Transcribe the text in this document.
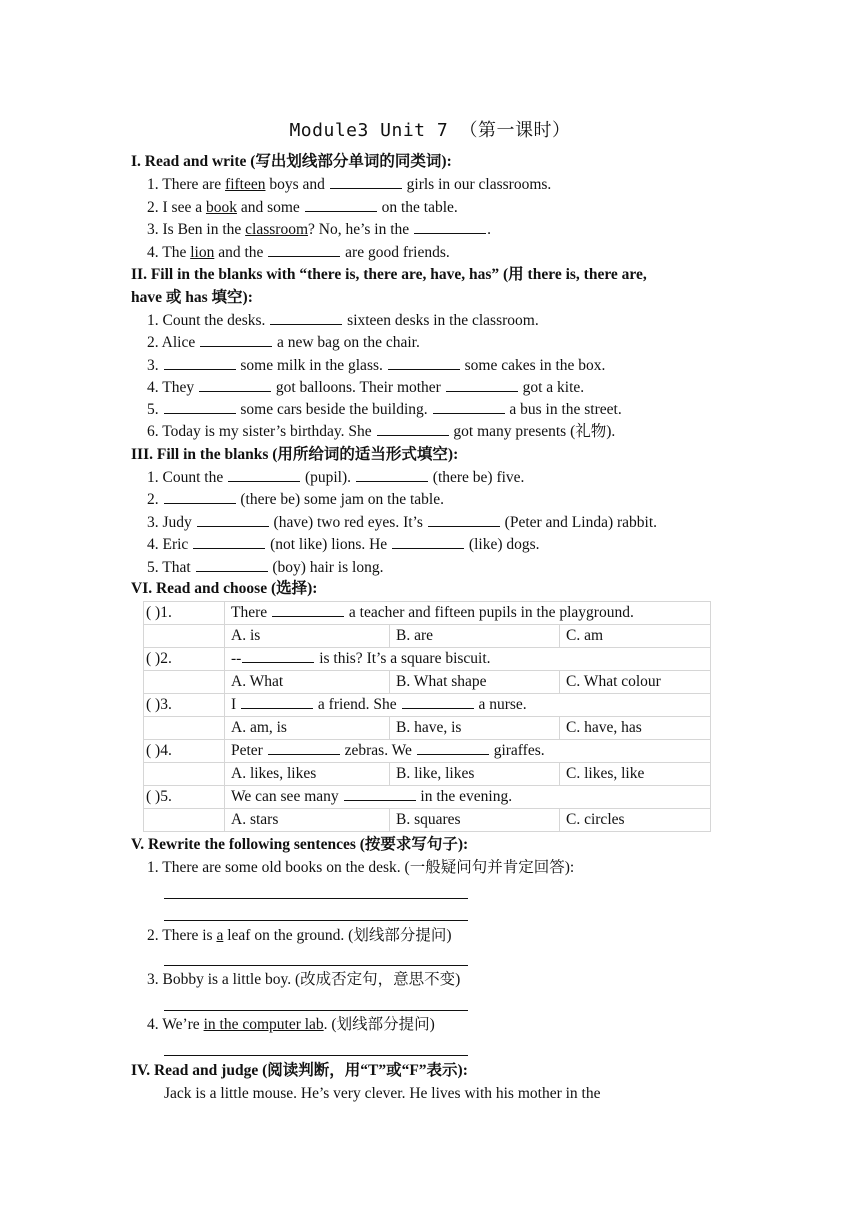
Module3 Unit 7 （第一课时）
I. Read and write (写出划线部分单词的同类词):
1. There are fifteen boys and	girls in our classrooms.
2. I see a book and some	on the table.
3. Is Ben in the classroom? No, he’s in the	.
4. The lion and the	are good friends.
II. Fill in the blanks with “there is, there are, have, has” (用 there is, there are,
have 或 has 填空):
1. Count the desks.	sixteen desks in the classroom.
2. Alice	a new bag on the chair.
3.	some milk in the glass.	some cakes in the box.
4. They	got balloons. Their mother	got a kite.
5.	some cars beside the building.	a bus in the street.
6. Today is my sister’s birthday. She	got many presents (礼物).
III. Fill in the blanks (用所给词的适当形式填空):
1. Count the	(pupil).	(there be) five.
2.	(there be) some jam on the table.
3. Judy	(have) two red eyes. It’s	(Peter and Linda) rabbit.
4. Eric	(not like) lions. He	(like) dogs.
5. That	(boy) hair is long.
VI. Read and choose (选择):
( )1.	There a teacher and fifteen pupils in the playground.		
	A. is	B. are	C. am
( )2.	-- is this? It’s a square biscuit.		
	A. What	B. What shape	C. What colour
( )3.	I a friend. She a nurse.		
	A. am, is	B. have, is	C. have, has
( )4.	Peter zebras. We giraffes.		
	A. likes, likes	B. like, likes	C. likes, like
( )5.	We can see many in the evening.		
	A. stars	B. squares	C. circles
V. Rewrite the following sentences (按要求写句子):
1. There are some old books on the desk. (一般疑问句并肯定回答):
2. There is a leaf on the ground. (划线部分提问)
3. Bobby is a little boy. (改成否定句，意思不变)
4. We’re in the computer lab. (划线部分提问)
IV. Read and judge (阅读判断，用“T”或“F”表示):
Jack is a little mouse. He’s very clever. He lives with his mother in the
